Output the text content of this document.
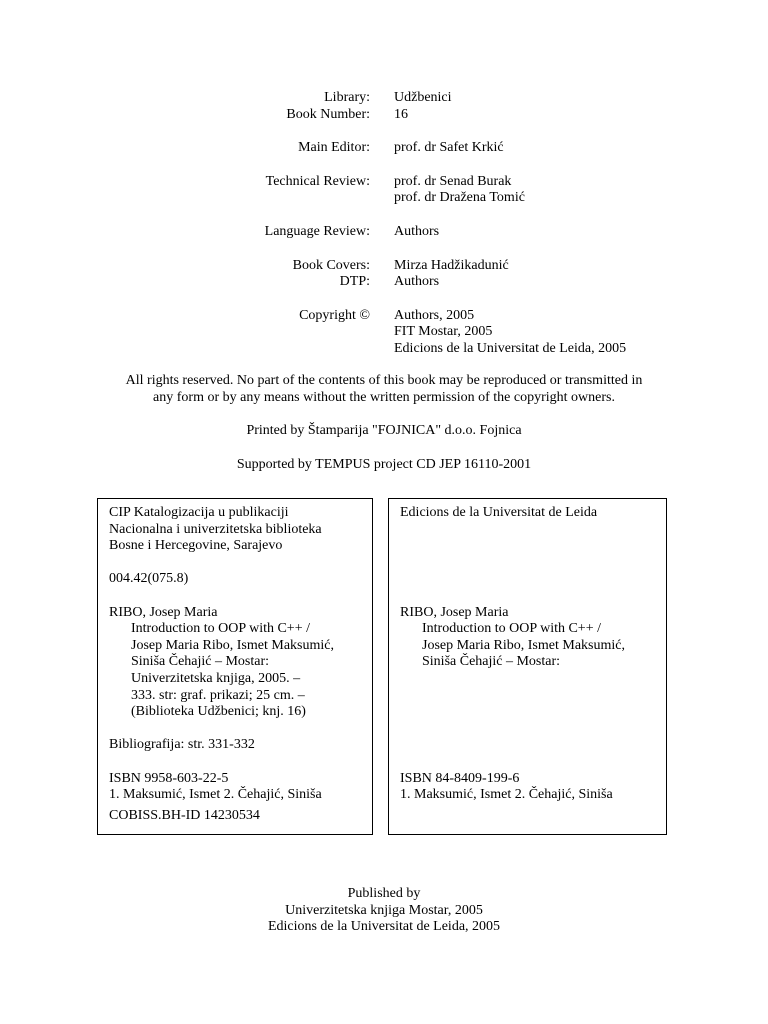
Library: Udžbenici
Book Number: 16
Main Editor: prof. dr Safet Krkić
Technical Review: prof. dr Senad Burak
prof. dr Dražena Tomić
Language Review: Authors
Book Covers: Mirza Hadžikadunić
DTP: Authors
Copyright © Authors, 2005
FIT Mostar, 2005
Edicions de la Universitat de Leida, 2005
All rights reserved. No part of the contents of this book may be reproduced or transmitted in
any form or by any means without the written permission of the copyright owners.
Printed by Štamparija "FOJNICA" d.o.o. Fojnica
Supported by TEMPUS project CD JEP 16110-2001
CIP Katalogizacija u publikaciji
Nacionalna i univerzitetska biblioteka
Bosne i Hercegovine, Sarajevo
004.42(075.8)
RIBO, Josep Maria
Introduction to OOP with C++ /
Josep Maria Ribo, Ismet Maksumić,
Siniša Čehajić – Mostar:
Univerzitetska knjiga, 2005. –
333. str: graf. prikazi; 25 cm. –
(Biblioteka Udžbenici; knj. 16)
Bibliografija: str. 331-332
ISBN 9958-603-22-5
1. Maksumić, Ismet 2. Čehajić, Siniša
COBISS.BH-ID 14230534
Edicions de la Universitat de Leida
RIBO, Josep Maria
Introduction to OOP with C++ /
Josep Maria Ribo, Ismet Maksumić,
Siniša Čehajić – Mostar:
ISBN 84-8409-199-6
1. Maksumić, Ismet 2. Čehajić, Siniša
Published by
Univerzitetska knjiga Mostar, 2005
Edicions de la Universitat de Leida, 2005
